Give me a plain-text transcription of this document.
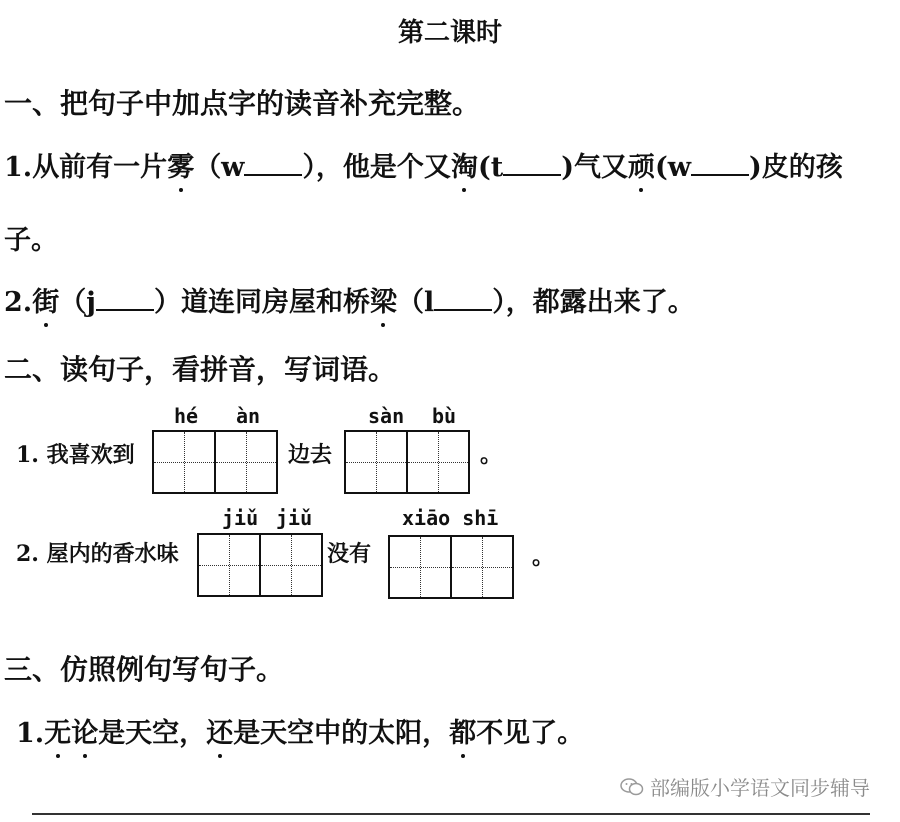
第二课时
一、把句子中加点字的读音补充完整。
1.从前有一片雾（w ），他是个又淘(t )气又顽(w )皮的孩
子。
2.街（j ）道连同房屋和桥梁（l ），都露出来了。
二、读句子，看拼音，写词语。
hé àn	sàn bù
1. 我喜欢到	边去	。
jiǔ jiǔ	xiāo shī
2. 屋内的香水味	没有	。
三、仿照例句写句子。
1.无论是天空，还是天空中的太阳，都不见了。
部编版小学语文同步辅导
